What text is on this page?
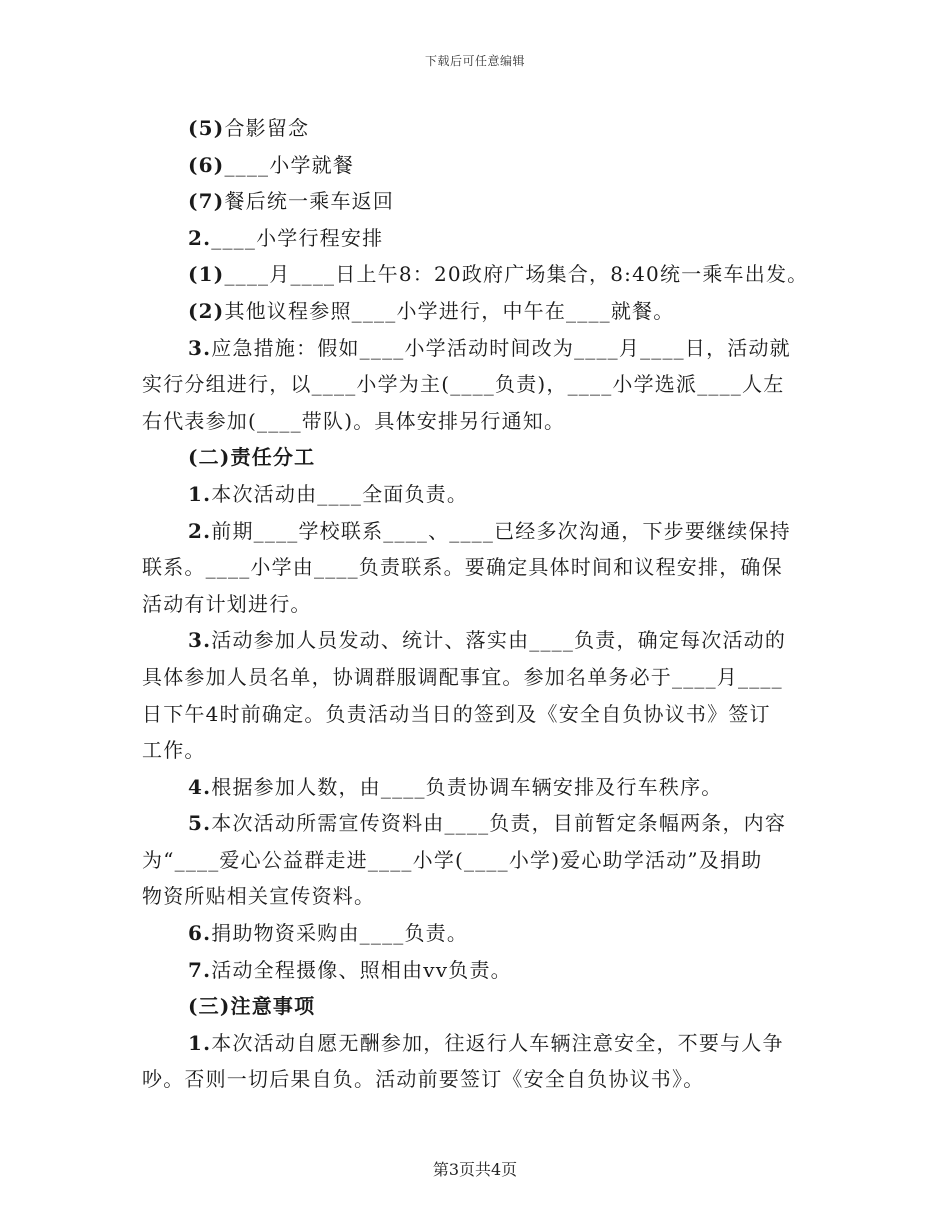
下载后可任意编辑
(5)合影留念
(6)____小学就餐
(7)餐后统一乘车返回
2.____小学行程安排
(1)____月____日上午8：20政府广场集合，8:40统一乘车出发。
(2)其他议程参照____小学进行，中午在____就餐。
3.应急措施：假如____小学活动时间改为____月____日，活动就
实行分组进行，以____小学为主(____负责)，____小学选派____人左
右代表参加(____带队)。具体安排另行通知。
(二)责任分工
1.本次活动由____全面负责。
2.前期____学校联系____、____已经多次沟通，下步要继续保持
联系。____小学由____负责联系。要确定具体时间和议程安排，确保
活动有计划进行。
3.活动参加人员发动、统计、落实由____负责，确定每次活动的
具体参加人员名单，协调群服调配事宜。参加名单务必于____月____
日下午4时前确定。负责活动当日的签到及《安全自负协议书》签订
工作。
4.根据参加人数，由____负责协调车辆安排及行车秩序。
5.本次活动所需宣传资料由____负责，目前暂定条幅两条，内容
为“____爱心公益群走进____小学(____小学)爱心助学活动”及捐助
物资所贴相关宣传资料。
6.捐助物资采购由____负责。
7.活动全程摄像、照相由vv负责。
(三)注意事项
1.本次活动自愿无酬参加，往返行人车辆注意安全，不要与人争
吵。否则一切后果自负。活动前要签订《安全自负协议书》。
第3页共4页
